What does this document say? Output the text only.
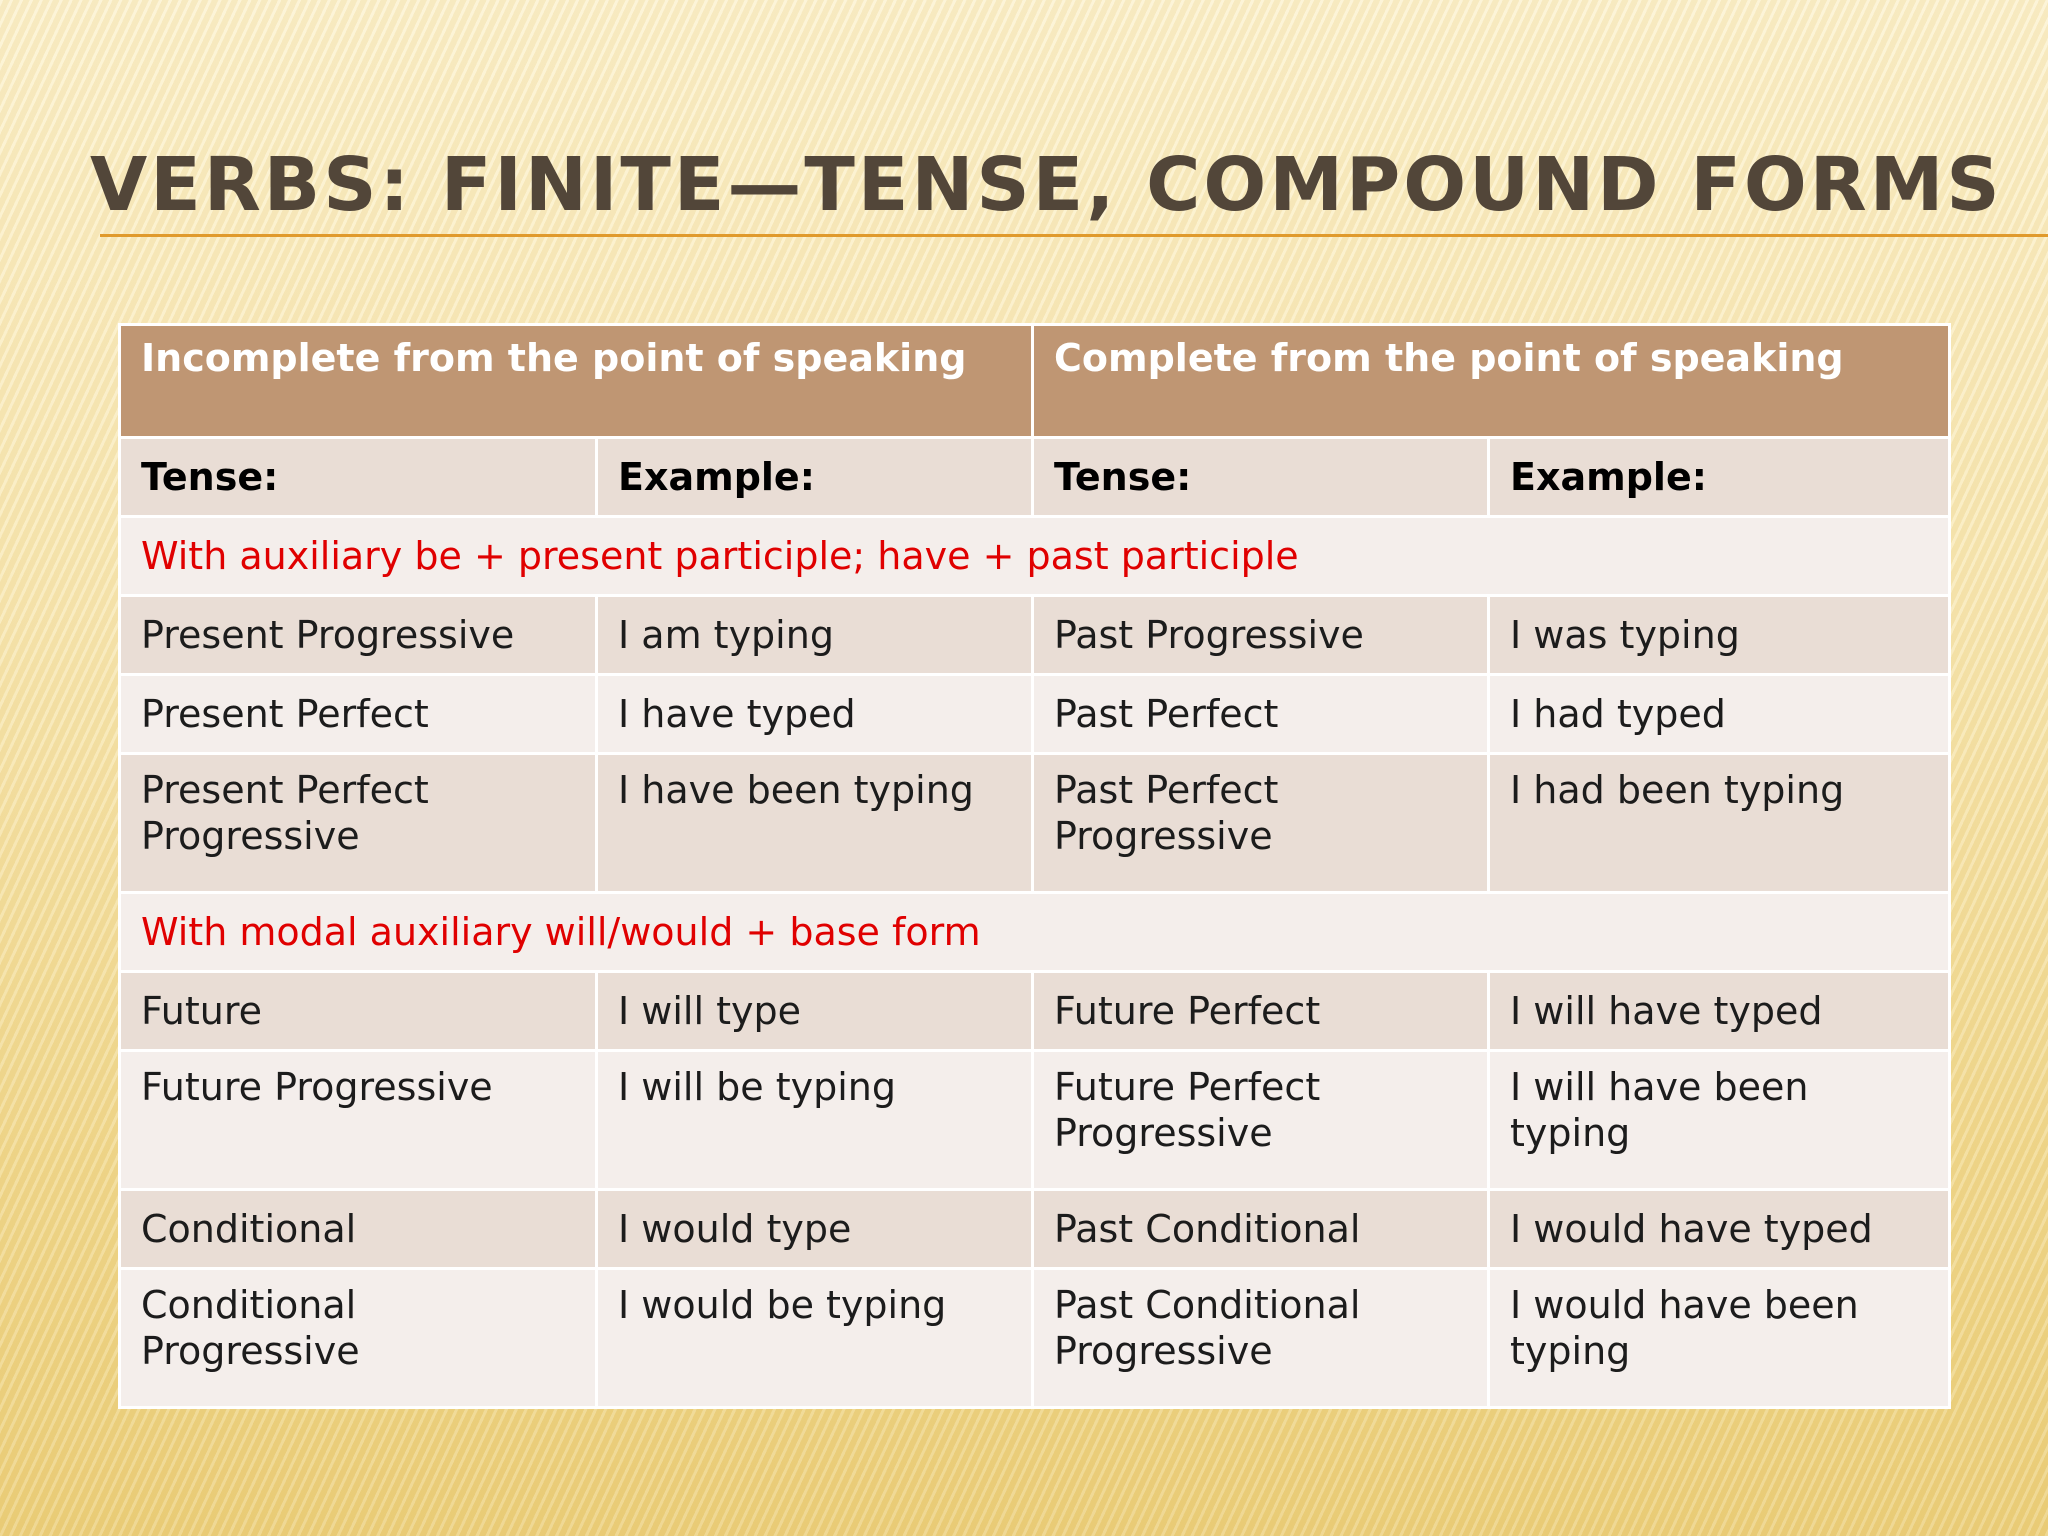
VERBS: FINITE—TENSE, COMPOUND FORMS
Incomplete from the point of speaking		Complete from the point of speaking	
Tense:	Example:	Tense:	Example:
With auxiliary be + present participle; have + past participle			
Present Progressive	I am typing	Past Progressive	I was typing
Present Perfect	I have typed	Past Perfect	I had typed
Present Perfect Progressive	I have been typing	Past Perfect Progressive	I had been typing
With modal auxiliary will/would + base form			
Future	I will type	Future Perfect	I will have typed
Future Progressive	I will be typing	Future Perfect Progressive	I will have been typing
Conditional	I would type	Past Conditional	I would have typed
Conditional Progressive	I would be typing	Past Conditional Progressive	I would have been typing
